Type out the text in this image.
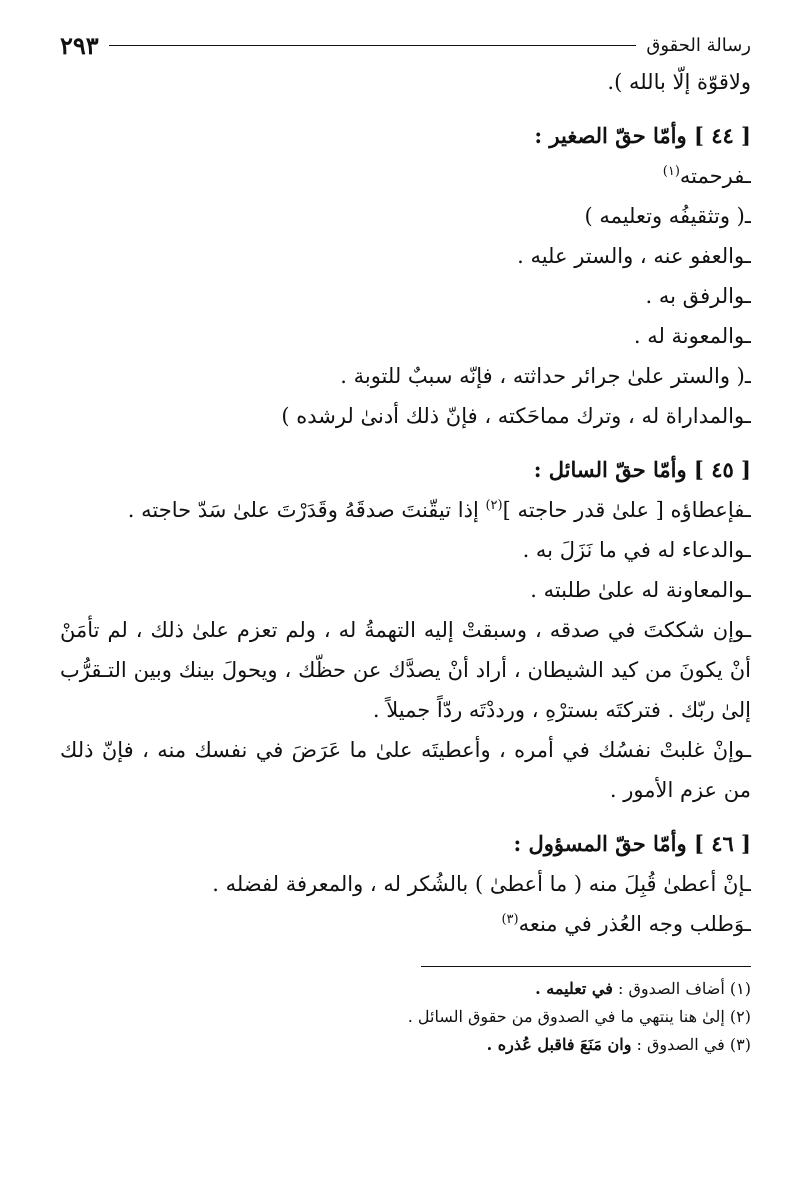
رسالة الحقوق
٢٩٣
ولاقوّة إلّا بالله ).
[ ٤٤ ] وأمّا حقّ الصغير :
ـفرحمته$^{(١)}$
ـ( وتثقيفُه وتعليمه )
ـوالعفو عنه ، والستر عليه .
ـوالرفق به .
ـوالمعونة له .
ـ( والستر علىٰ جرائر حداثته ، فإنّه سببٌ للتوبة .
ـوالمداراة له ، وترك مماحَكته ، فإنّ ذلك أدنىٰ لرشده )
[ ٤٥ ] وأمّا حقّ السائل :
ـفإعطاؤه [ علىٰ قدر حاجته ]$^{(٢)}$ إذا تيقّنتَ صدقَهُ وقَدَرْتَ علىٰ سَدّ حاجته .
ـوالدعاء له في ما نَزَلَ به .
ـوالمعاونة له علىٰ طلبته .
ـوإن شككتَ في صدقه ، وسبقتْ إليه التهمةُ له ، ولم تعزم علىٰ ذلك ، لم تأمَنْ أنْ يكونَ من كيد الشيطان ، أراد أنْ يصدَّك عن حظّك ، ويحولَ بينك وبين التـقرُّب إلىٰ ربّك . فتركتَه بسترْهِ ، ورددْتَه ردّاً جميلاً .
ـوإنْ غلبتْ نفسُك في أمره ، وأعطيتَه علىٰ ما عَرَضَ في نفسك منه ، فإنّ ذلك من عزم الأمور .
[ ٤٦ ] وأمّا حقّ المسؤول :
ـإنْ أعطىٰ قُبِلَ منه ( ما أعطىٰ ) بالشُكر له ، والمعرفة لفضله .
ـوَطلب وجه العُذر في منعه$^{(٣)}$
(١) أضاف الصدوق : في تعليمه .
(٢) إلىٰ هنا ينتهي ما في الصدوق من حقوق السائل .
(٣) في الصدوق : وان مَنَعَ فاقبل عُذره .
